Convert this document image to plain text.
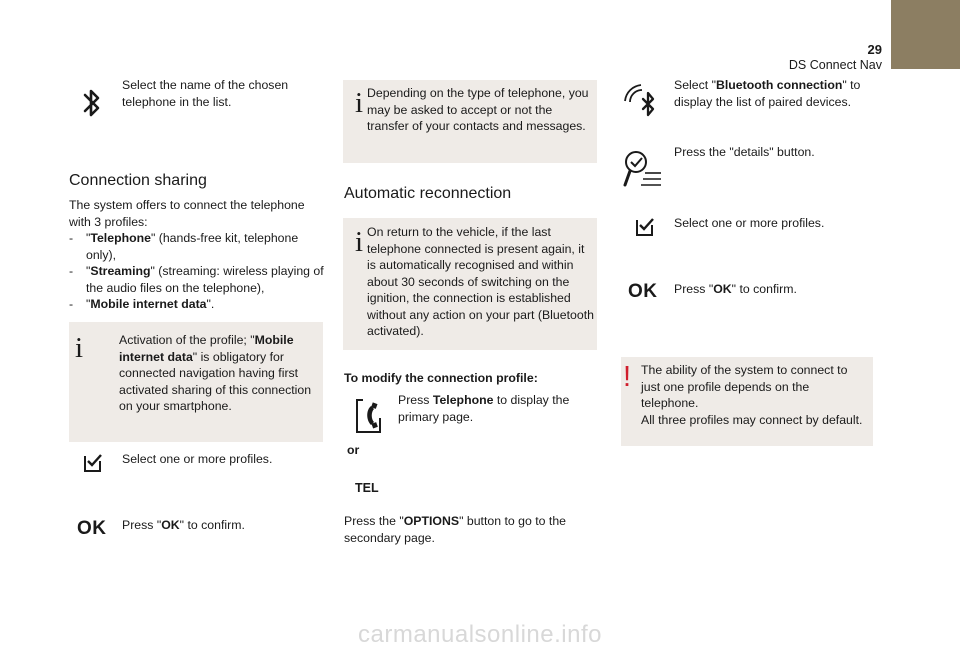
29
DS Connect Nav

Select the name of the chosen telephone in the list.

Connection sharing

The system offers to connect the telephone with 3 profiles:

- "Telephone" (hands-free kit, telephone only),
- "Streaming" (streaming: wireless playing of the audio files on the telephone),
- "Mobile internet data".
i	Activation of the profile; "Mobile internet data" is obligatory for connected navigation having first activated sharing of this connection on your smartphone.

Select one or more profiles.

OK Press "OK" to confirm.

i Depending on the type of telephone, you may be asked to accept or not the transfer of your contacts and messages.

Automatic reconnection
i On return to the vehicle, if the last telephone connected is present again, it is automatically recognised and within about 30 seconds of switching on the ignition, the connection is established without any action on your part (Bluetooth activated).

To modify the connection profile:

Press Telephone to display the primary page.

or
TEL

Press the "OPTIONS" button to go to the secondary page.

Select "Bluetooth connection" to display the list of paired devices.

Press the "details" button.

Select one or more profiles.

OK Press "OK" to confirm.

! The ability of the system to connect to just one profile depends on the telephone.
All three profiles may connect by default.

carmanualsonline.info
